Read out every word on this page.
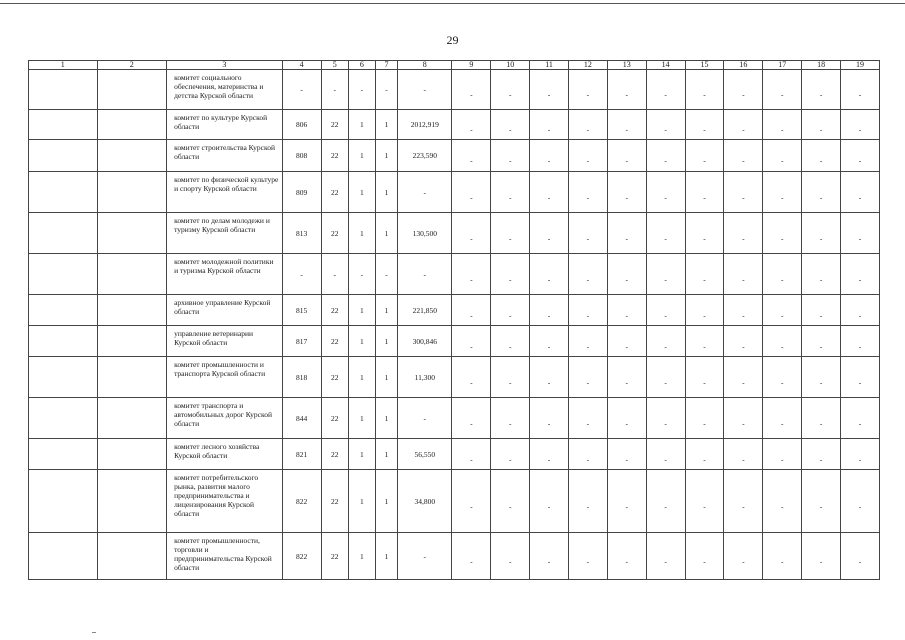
29
1	2	3	4	5	6	7	8	9	10	11	12	13	14	15	16	17	18	19
		комитет социального обеспечения, материнства и детства Курской области	-	-	-	-	-	-	-	-	-	-	-	-	-	-	-	-
		комитет по культуре Курской области	806	22	1	1	2012,919	-	-	-	-	-	-	-	-	-	-	-
		комитет строительства Курской области	808	22	1	1	223,590	-	-	-	-	-	-	-	-	-	-	-
		комитет по физической культуре и спорту Курской области	809	22	1	1	-	-	-	-	-	-	-	-	-	-	-	-
		комитет по делам молодежи и туризму Курской области	813	22	1	1	130,500	-	-	-	-	-	-	-	-	-	-	-
		комитет молодежной политики и туризма Курской области	-	-	-	-	-	-	-	-	-	-	-	-	-	-	-	-
		архивное управление Курской области	815	22	1	1	221,850	-	-	-	-	-	-	-	-	-	-	-
		управление ветеринарии Курской области	817	22	1	1	300,846	-	-	-	-	-	-	-	-	-	-	-
		комитет промышленности и транспорта Курской области	818	22	1	1	11,300	-	-	-	-	-	-	-	-	-	-	-
		комитет транспорта и автомобильных дорог Курской области	844	22	1	1	-	-	-	-	-	-	-	-	-	-	-	-
		комитет лесного хозяйства Курской области	821	22	1	1	56,550	-	-	-	-	-	-	-	-	-	-	-
		комитет потребительского рынка, развития малого предпринимательства и лицензирования Курской области	822	22	1	1	34,800	-	-	-	-	-	-	-	-	-	-	-
		комитет промышленности, торговли и предпринимательства Курской области	822	22	1	1	-	-	-	-	-	-	-	-	-	-	-	-
